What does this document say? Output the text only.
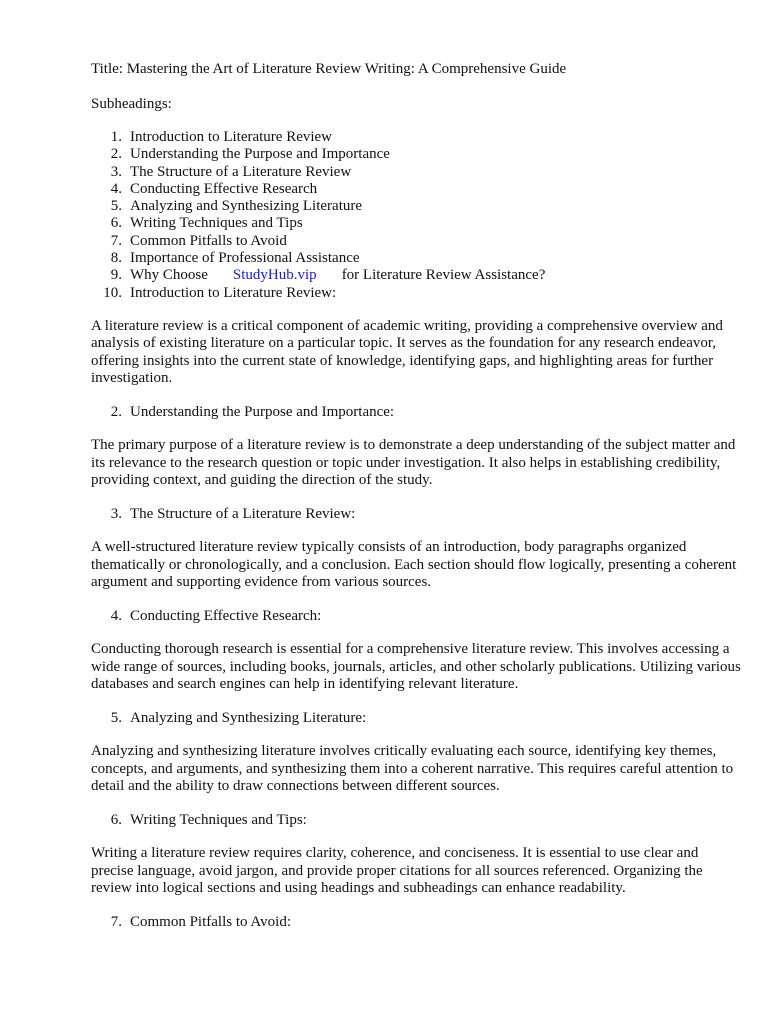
Title: Mastering the Art of Literature Review Writing: A Comprehensive Guide

Subheadings:

1. Introduction to Literature Review
2. Understanding the Purpose and Importance
3. The Structure of a Literature Review
4. Conducting Effective Research
5. Analyzing and Synthesizing Literature
6. Writing Techniques and Tips
7. Common Pitfalls to Avoid
8. Importance of Professional Assistance
9. Why Choose StudyHub.vip for Literature Review Assistance?
10. Introduction to Literature Review:

A literature review is a critical component of academic writing, providing a comprehensive overview and analysis of existing literature on a particular topic. It serves as the foundation for any research endeavor, offering insights into the current state of knowledge, identifying gaps, and highlighting areas for further investigation.

2. Understanding the Purpose and Importance:

The primary purpose of a literature review is to demonstrate a deep understanding of the subject matter and its relevance to the research question or topic under investigation. It also helps in establishing credibility, providing context, and guiding the direction of the study.

3. The Structure of a Literature Review:

A well-structured literature review typically consists of an introduction, body paragraphs organized thematically or chronologically, and a conclusion. Each section should flow logically, presenting a coherent argument and supporting evidence from various sources.

4. Conducting Effective Research:

Conducting thorough research is essential for a comprehensive literature review. This involves accessing a wide range of sources, including books, journals, articles, and other scholarly publications. Utilizing various databases and search engines can help in identifying relevant literature.

5. Analyzing and Synthesizing Literature:

Analyzing and synthesizing literature involves critically evaluating each source, identifying key themes, concepts, and arguments, and synthesizing them into a coherent narrative. This requires careful attention to detail and the ability to draw connections between different sources.

6. Writing Techniques and Tips:

Writing a literature review requires clarity, coherence, and conciseness. It is essential to use clear and precise language, avoid jargon, and provide proper citations for all sources referenced. Organizing the review into logical sections and using headings and subheadings can enhance readability.

7. Common Pitfalls to Avoid:
